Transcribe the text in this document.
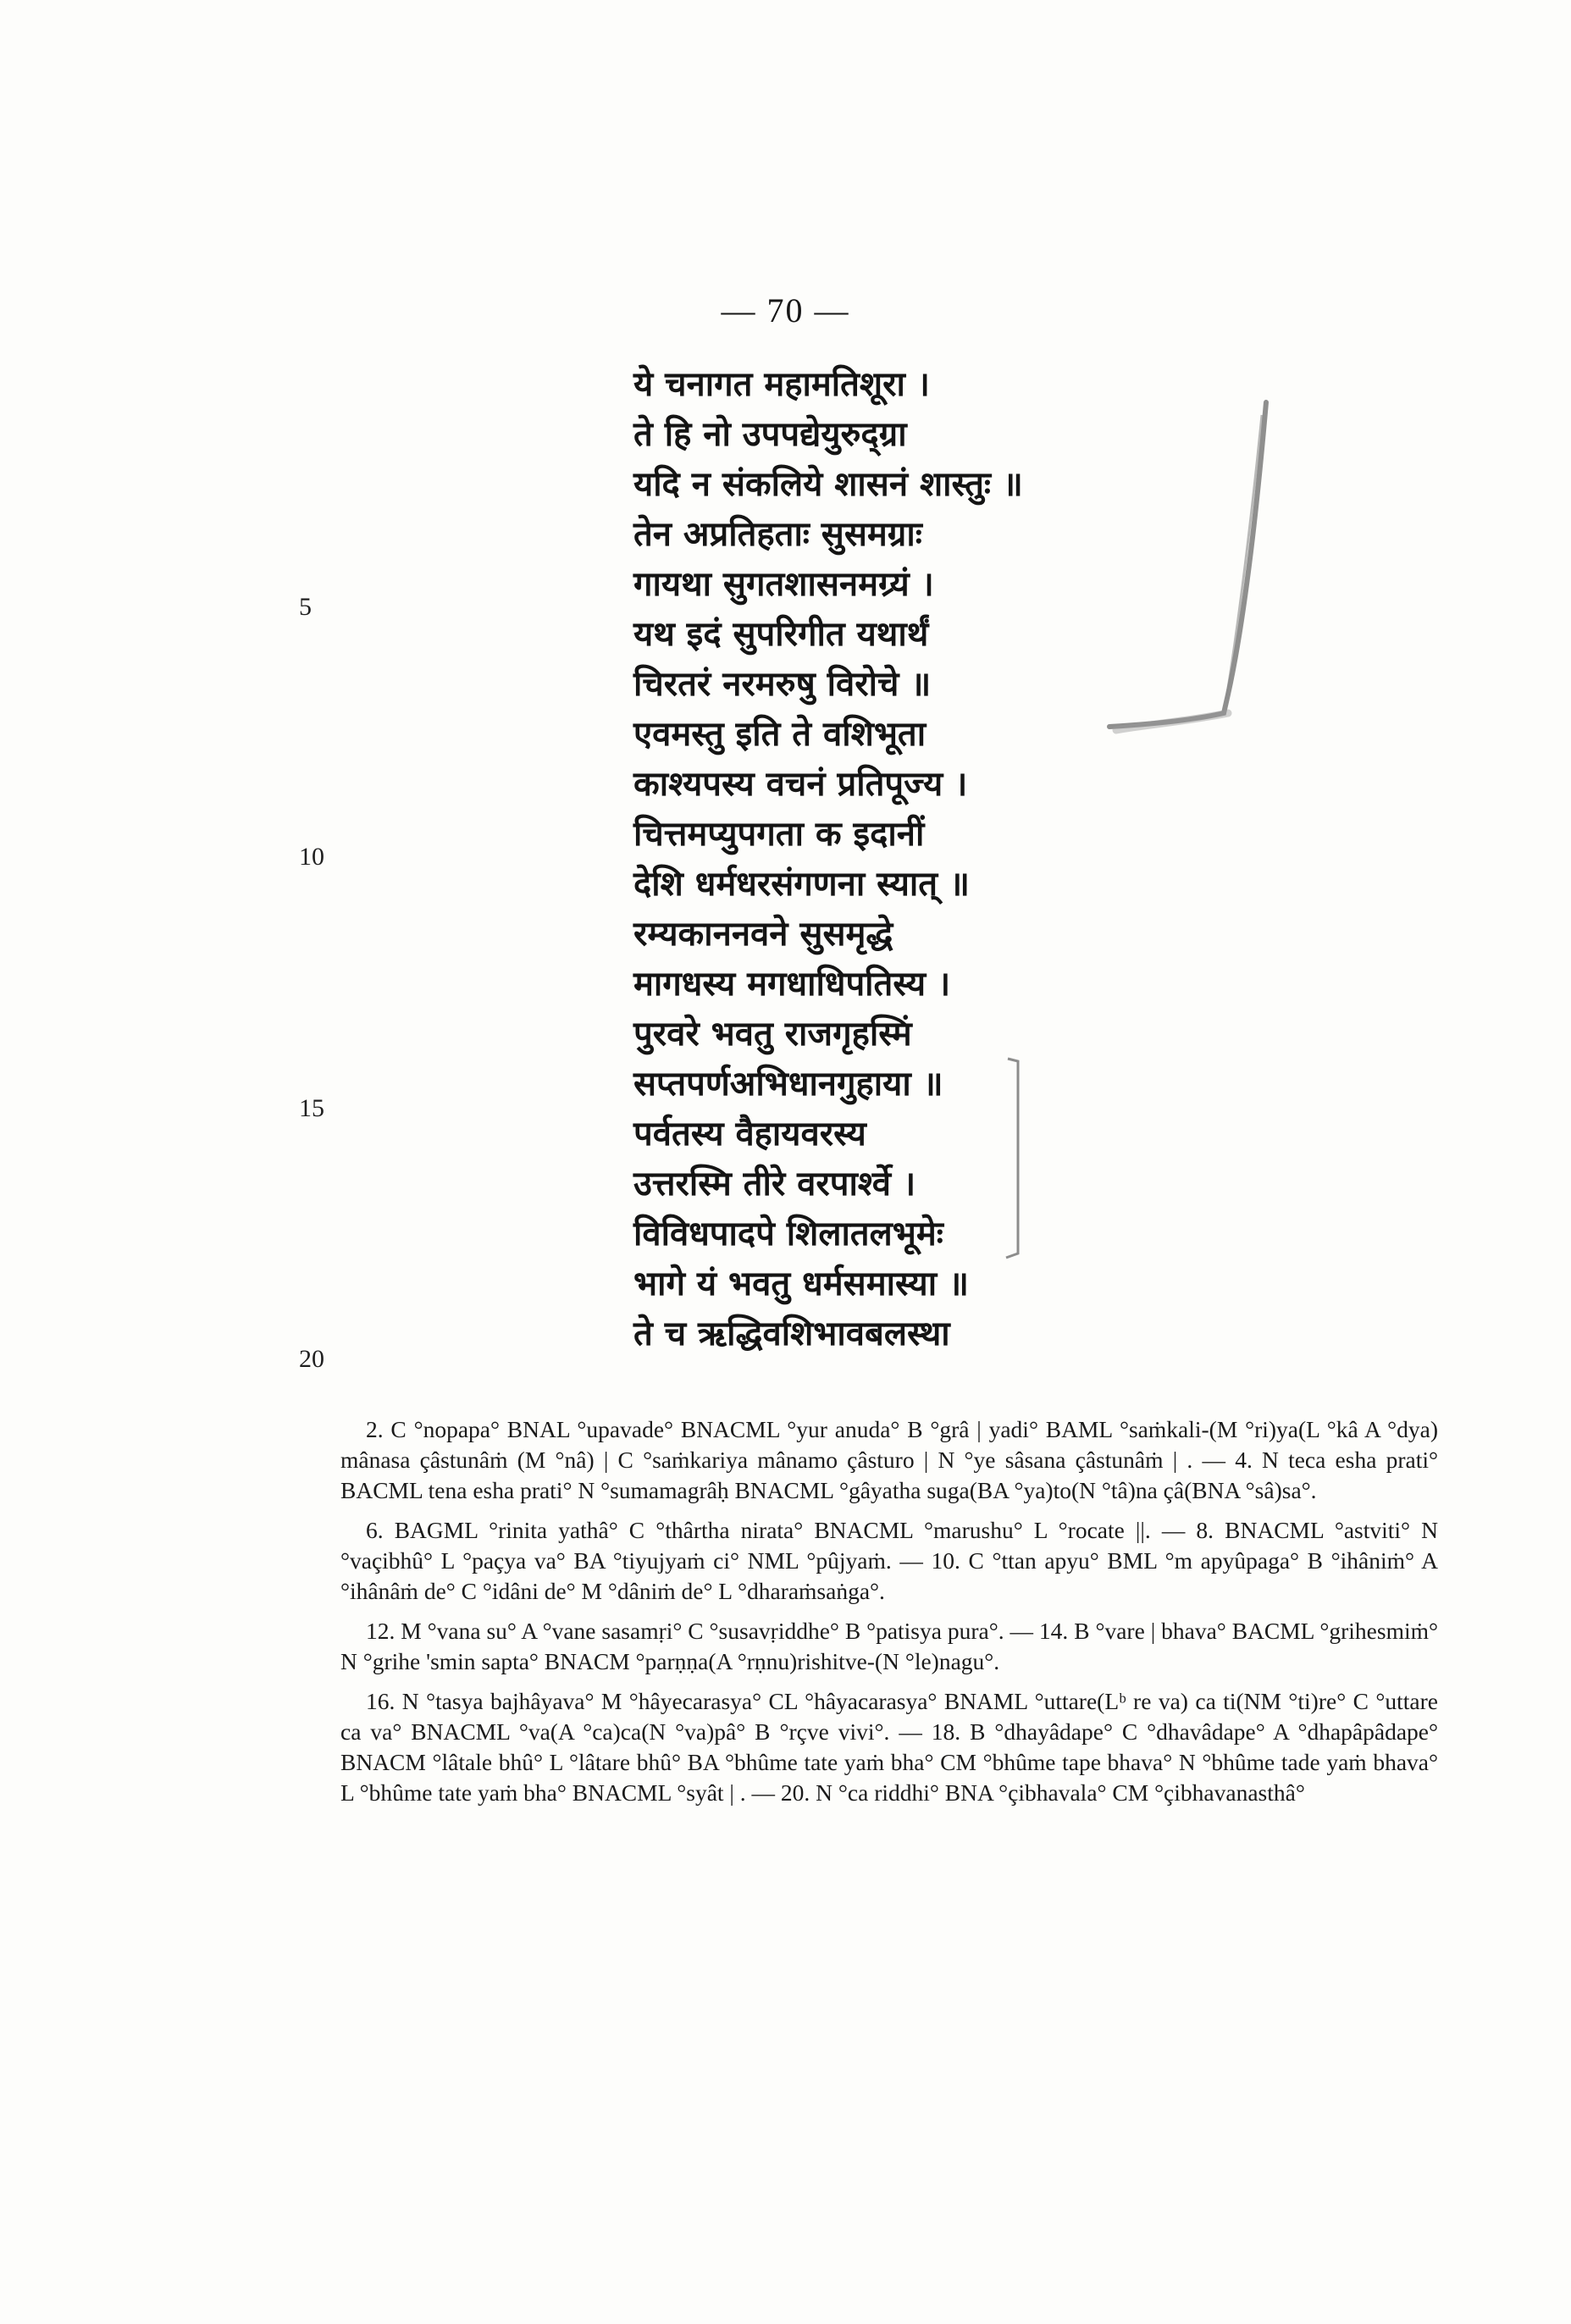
— 70 —
ये चनागत महामतिशूरा ।
ते हि नो उपपद्येयुरुद्ग्रा
यदि न संकलिये शासनं शास्तुः ॥
तेन अप्रतिहताः सुसमग्राः
गायथा सुगतशासनमग्र्यं ।
यथ इदं सुपरिगीत यथार्थं
चिरतरं नरमरुषु विरोचे ॥
एवमस्तु इति ते वशिभूता
काश्यपस्य वचनं प्रतिपूज्य ।
चित्तमप्युपगता क इदानीं
देशि धर्मधरसंगणना स्यात् ॥
रम्यकाननवने सुसमृद्धे
मागधस्य मगधाधिपतिस्य ।
पुरवरे भवतु राजगृहस्मिं
सप्तपर्णअभिधानगुहाया ॥
पर्वतस्य वैहायवरस्य
उत्तरस्मि तीरे वरपार्श्वे ।
विविधपादपे शिलातलभूमेः
भागे यं भवतु धर्मसमास्या ॥
ते च ऋद्धिवशिभावबलस्था
5
10
15
20

2. C °nopapa° BNAL °upavade° BNACML °yur anuda° B °grâ | yadi° BAML °saṁkali-(M °ri)ya(L °kâ A °dya) mânasa çâstunâṁ (M °nâ) | C °saṁkariya mânamo çâsturo | N °ye sâsana çâstunâṁ | . — 4. N teca esha prati° BACML tena esha prati° N °sumamagrâḥ BNACML °gâyatha suga(BA °ya)to(N °tâ)na çâ(BNA °sâ)sa°.

6. BAGML °rinita yathâ° C °thârtha nirata° BNACML °marushu° L °rocate ||. — 8. BNACML °astviti° N °vaçibhû° L °paçya va° BA °tiyujyaṁ ci° NML °pûjyaṁ. — 10. C °ttan apyu° BML °m apyûpaga° B °ihâniṁ° A °ihânâṁ de° C °idâni de° M °dâniṁ de° L °dharaṁsaṅga°.

12. M °vana su° A °vane sasamṛi° C °susavṛiddhe° B °patisya pura°. — 14. B °vare | bhava° BACML °grihesmiṁ° N °grihe 'smin sapta° BNACM °parṇṇa(A °rṇnu)rishitve-(N °le)nagu°.

16. N °tasya bajhâyava° M °hâyecarasya° CL °hâyacarasya° BNAML °uttare(Lᵇ re va) ca ti(NM °ti)re° C °uttare ca va° BNACML °va(A °ca)ca(N °va)pâ° B °rçve vivi°. — 18. B °dhayâdape° C °dhavâdape° A °dhapâpâdape° BNACM °lâtale bhû° L °lâtare bhû° BA °bhûme tate yaṁ bha° CM °bhûme tape bhava° N °bhûme tade yaṁ bhava° L °bhûme tate yaṁ bha° BNACML °syât | . — 20. N °ca riddhi° BNA °çibhavala° CM °çibhavanasthâ°
